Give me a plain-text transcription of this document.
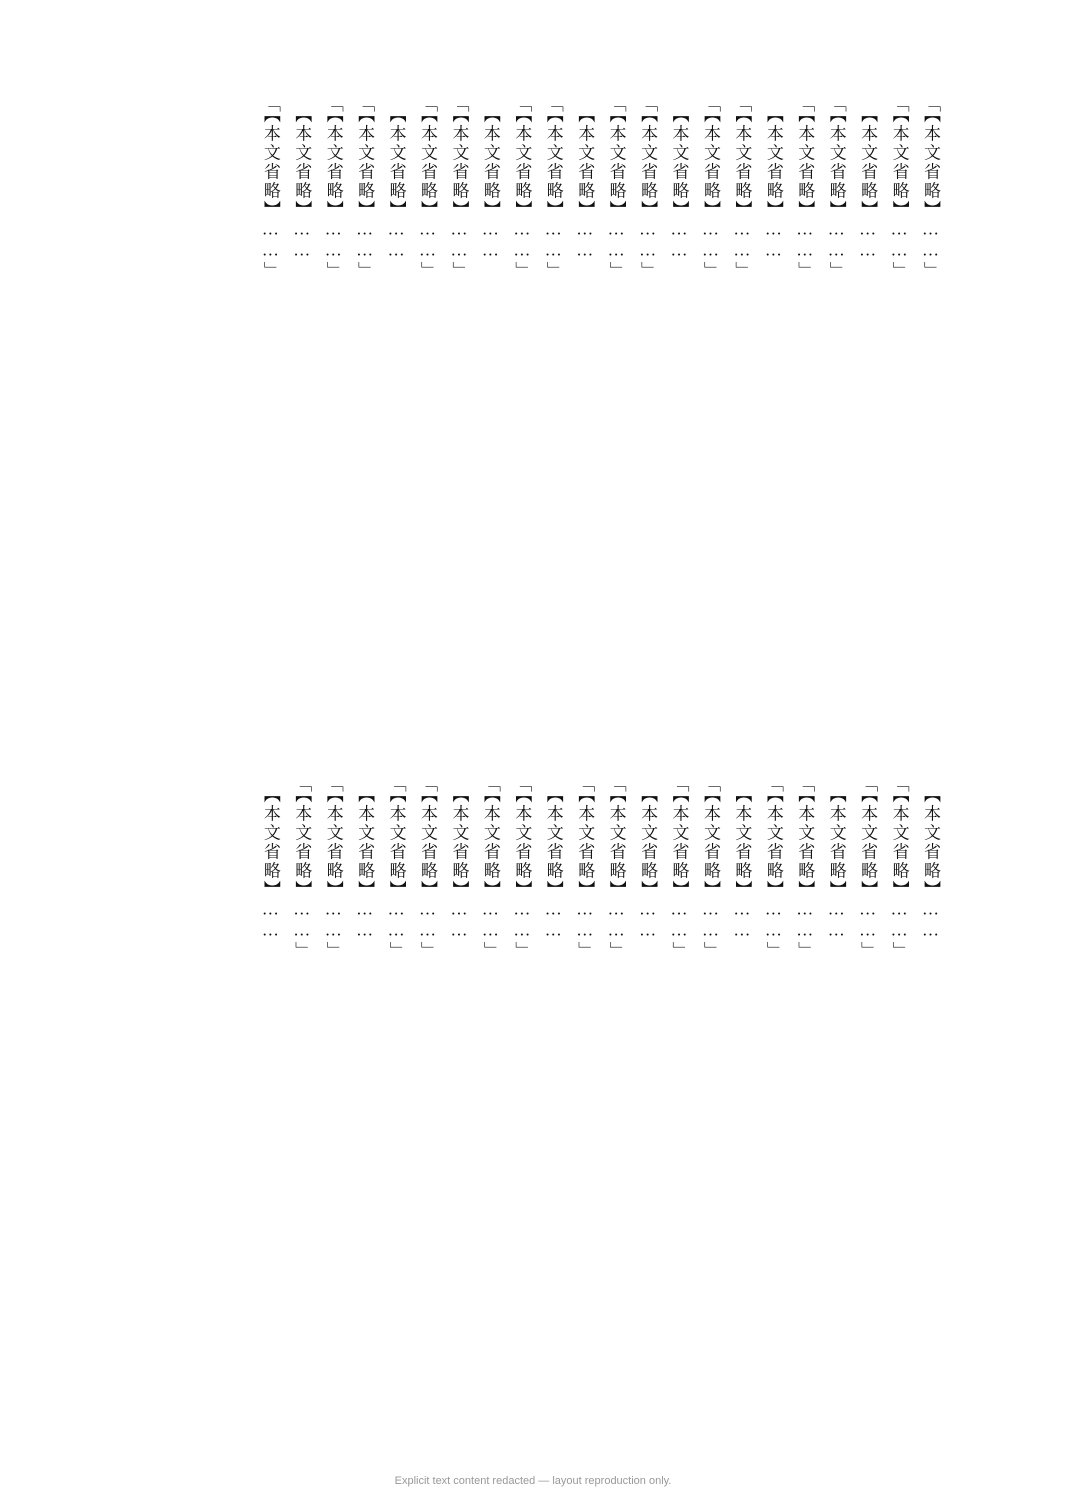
「【本文省略】……」

「【本文省略】……」

　【本文省略】……

「【本文省略】……」

「【本文省略】……」

　【本文省略】……

「【本文省略】……」

「【本文省略】……」

　【本文省略】……

「【本文省略】……」

「【本文省略】……」

　【本文省略】……

「【本文省略】……」

「【本文省略】……」

　【本文省略】……

「【本文省略】……」

「【本文省略】……」

　【本文省略】……

「【本文省略】……」

「【本文省略】……」

　【本文省略】……

「【本文省略】……」

　【本文省略】……

「【本文省略】……」

「【本文省略】……」

　【本文省略】……

「【本文省略】……」

「【本文省略】……」

　【本文省略】……

「【本文省略】……」

「【本文省略】……」

　【本文省略】……

「【本文省略】……」

「【本文省略】……」

　【本文省略】……

「【本文省略】……」

「【本文省略】……」

　【本文省略】……

「【本文省略】……」

「【本文省略】……」

　【本文省略】……

「【本文省略】……」

「【本文省略】……」

　【本文省略】……

Explicit text content redacted — layout reproduction only.
